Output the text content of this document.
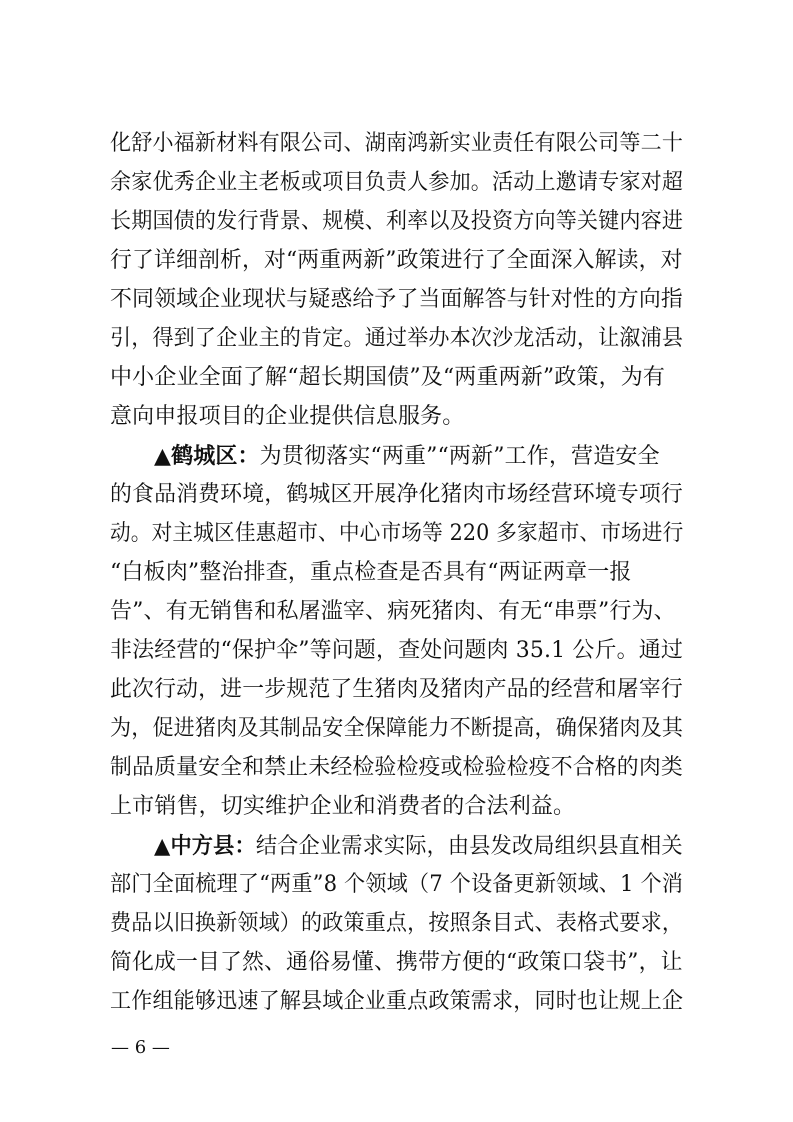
化舒小福新材料有限公司、湖南鸿新实业责任有限公司等二十
余家优秀企业主老板或项目负责人参加。活动上邀请专家对超
长期国债的发行背景、规模、利率以及投资方向等关键内容进
行了详细剖析，对“两重两新”政策进行了全面深入解读，对
不同领域企业现状与疑惑给予了当面解答与针对性的方向指
引，得到了企业主的肯定。通过举办本次沙龙活动，让溆浦县
中小企业全面了解“超长期国债”及“两重两新”政策，为有
意向申报项目的企业提供信息服务。
▲鹤城区：为贯彻落实“两重”“两新”工作，营造安全
的食品消费环境，鹤城区开展净化猪肉市场经营环境专项行
动。对主城区佳惠超市、中心市场等 220 多家超市、市场进行
“白板肉”整治排查，重点检查是否具有“两证两章一报
告”、有无销售和私屠滥宰、病死猪肉、有无“串票”行为、
非法经营的“保护伞”等问题，查处问题肉 35.1 公斤。通过
此次行动，进一步规范了生猪肉及猪肉产品的经营和屠宰行
为，促进猪肉及其制品安全保障能力不断提高，确保猪肉及其
制品质量安全和禁止未经检验检疫或检验检疫不合格的肉类
上市销售，切实维护企业和消费者的合法利益。
▲中方县：结合企业需求实际，由县发改局组织县直相关
部门全面梳理了“两重”8 个领域（7 个设备更新领域、1 个消
费品以旧换新领域）的政策重点，按照条目式、表格式要求，
简化成一目了然、通俗易懂、携带方便的“政策口袋书”，让
工作组能够迅速了解县域企业重点政策需求，同时也让规上企
— 6 —
